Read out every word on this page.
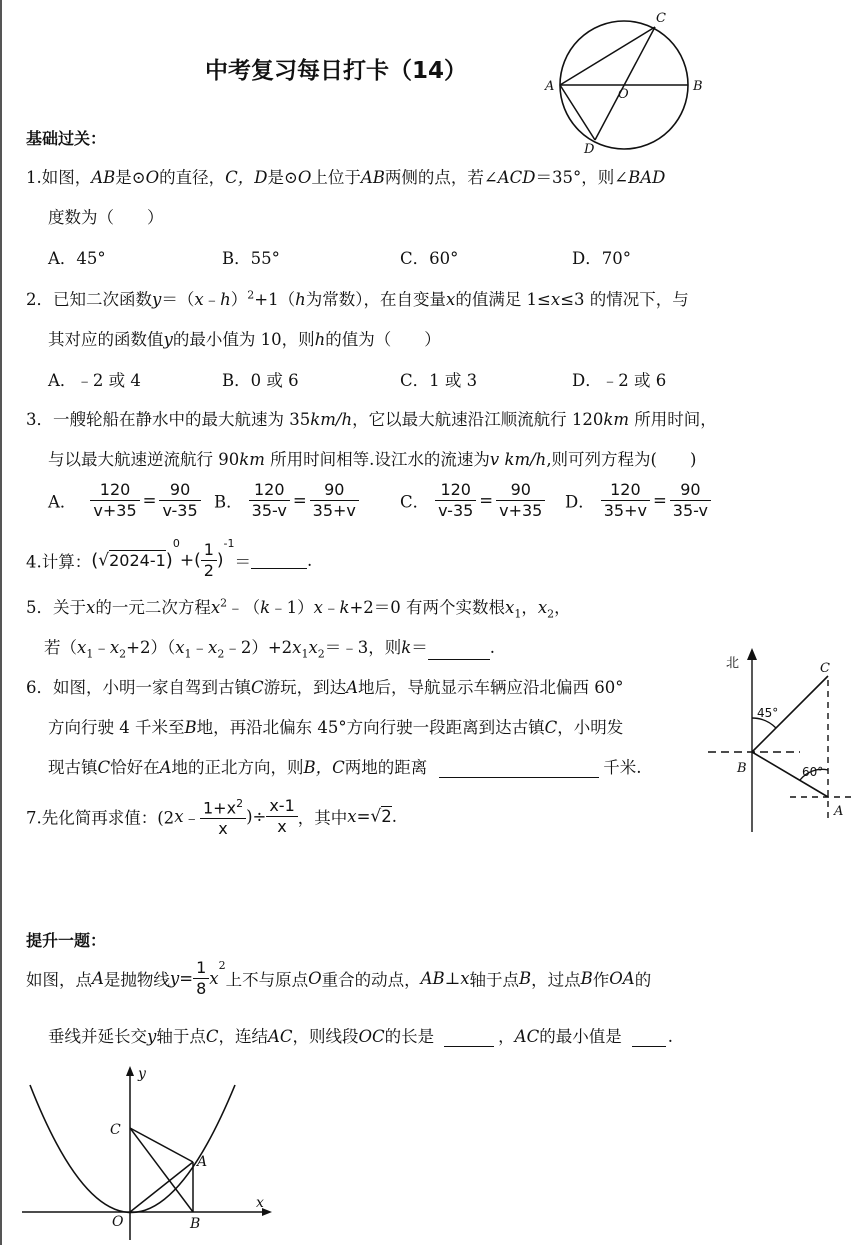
中考复习每日打卡（14）
A	B
C
D
O
基础过关：
1.如图，AB是⊙O的直径，C，D是⊙O上位于AB两侧的点，若∠ACD＝35°，则∠BAD
度数为（　　）
A．45°	B．55°	C．60°	D．70°
2．已知二次函数y＝（x﹣h）$^2$+1（h为常数），在自变量x的值满足 1≤x≤3 的情况下，与
其对应的函数值y的最小值为 10，则h的值为（　　）
A．﹣2 或 4	B．0 或 6	C．1 或 3	D．﹣2 或 6
3．一艘轮船在静水中的最大航速为 35km/h，它以最大航速沿江顺流航行 120km 所用时间，
与以最大航速逆流航行 90km 所用时间相等.设江水的流速为v km/h,则可列方程为(　　)
A． $\frac{120}{v+35} = \frac{90}{v-35}$ B． $\frac{120}{35-v} = \frac{90}{35+v}$ C． $\frac{120}{v-35} = \frac{90}{v+35}$ D． $\frac{120}{35+v} = \frac{90}{35-v}$
4.计算：$(√2024-1)^0+( \frac{1}{2} )^{-1}=$	.
5．关于x的一元二次方程$x^2﹣(k﹣1)x﹣k+2=0$ 有两个实数根$x_1$，$x_2$，
若$(x_1﹣x_2+2)(x_1﹣x_2﹣2)+2x_1x_2=﹣3$，则k＝	.
6．如图，小明一家自驾到古镇C游玩，到达A地后，导航显示车辆应沿北偏西 60°
方向行驶 4 千米至B地，再沿北偏东 45°方向行驶一段距离到达古镇C，小明发
现古镇C恰好在A地的正北方向，则B，C两地的距离	千米.
北	C
B
A
45°
60°
7.先化简再求值：(2x﹣ $\frac{1+x^2}{x}$ )÷ $\frac{x-1}{x}$ ，其中x=√2.
提升一题：
如图，点A是抛物线$y= \frac{1}{8} x^2$上不与原点O重合的动点，AB⊥x轴于点B，过点B作OA的
垂线并延长交y轴于点C，连结AC，则线段OC的长是	，AC的最小值是	.
y
x
C
A
O	B
